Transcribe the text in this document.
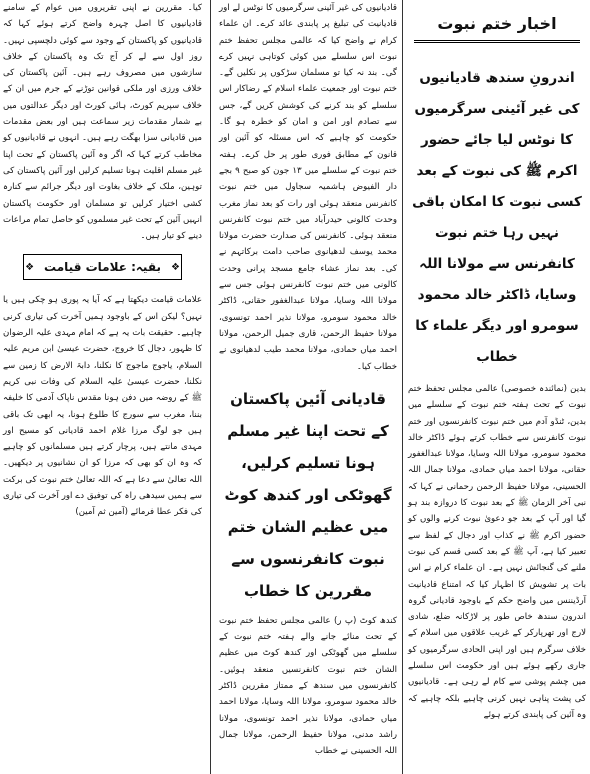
اخبار ختم نبوت
اندرونِ سندھ قادیانیوں کی غیر آئینی سرگرمیوں کا نوٹس لیا جائے حضور اکرم ﷺ کی نبوت کے بعد کسی نبوت کا امکان باقی نہیں رہا ختم نبوت کانفرنس سے مولانا اللہ وسایا، ڈاکٹر خالد محمود سومرو اور دیگر علماء کا خطاب

بدین (نمائندہ خصوصی) عالمی مجلس تحفظ ختم نبوت کے تحت ہفتہ ختم نبوت کے سلسلے میں بدین، ٹنڈو آدم میں ختم نبوت کانفرنسوں اور ختم نبوت کانفرنس سے خطاب کرتے ہوئے ڈاکٹر خالد محمود سومرو، مولانا اللہ وسایا، مولانا عبدالغفور حقانی، مولانا احمد میاں حمادی، مولانا جمال اللہ الحسینی، مولانا حفیظ الرحمن رحمانی نے کہا کہ نبی آخر الزمان ﷺ کے بعد نبوت کا دروازہ بند ہو گیا اور آپ کے بعد جو دعویٰ نبوت کرنے والوں کو حضور اکرم ﷺ نے کذاب اور دجال کے لفظ سے تعبیر کیا ہے، آپ ﷺ کے بعد کسی قسم کی نبوت ملنے کی گنجائش نہیں ہے۔ ان علماء کرام نے اس بات پر تشویش کا اظہار کیا کہ امتناع قادیانیت آرڈیننس میں واضح حکم کے باوجود قادیانی گروہ اندرون سندھ خاص طور پر لاڑکانہ ضلع، شادی لارج اور تھرپارکر کے غریب علاقوں میں اسلام کے خلاف سرگرم ہیں اور اپنی الحادی سرگرمیوں کو جاری رکھے ہوئے ہیں اور حکومت اس سلسلے میں چشم پوشی سے کام لے رہی ہے۔ قادیانیوں کی پشت پناہی نہیں کرنی چاہیے بلکہ چاہیے کہ وہ آئین کی پابندی کرتے ہوئے

قادیانیوں کی غیر آئینی سرگرمیوں کا نوٹس لے اور قادیانیت کی تبلیغ پر پابندی عائد کرے۔ ان علماء کرام نے واضح کیا کہ عالمی مجلس تحفظ ختم نبوت اس سلسلے میں کوئی کوتاہی نہیں کرے گی۔ بند نہ کیا تو مسلمان سڑکوں پر نکلیں گے۔ ختم نبوت اور جمعیت علماء اسلام کے رضاکار اس سلسلے کو بند کرنے کی کوشش کریں گے، جس سے تصادم اور امن و امان کو خطرہ ہو گا۔ حکومت کو چاہیے کہ اس مسئلہ کو آئین اور قانون کے مطابق فوری طور پر حل کرے۔ ہفتہ ختم نبوت کے سلسلے میں ۱۳ جون کو صبح ۹ بجے دار الفیوض ہاشمیہ سجاول میں ختم نبوت کانفرنس منعقد ہوئی اور رات کو بعد نماز مغرب وحدت کالونی حیدرآباد میں ختم نبوت کانفرنس منعقد ہوئی۔ کانفرنس کی صدارت حضرت مولانا محمد یوسف لدھیانوی صاحب دامت برکاتہم نے کی۔ بعد نماز عشاء جامع مسجد پرانی وحدت کالونی میں ختم نبوت کانفرنس ہوئی جس سے مولانا اللہ وسایا، مولانا عبدالغفور حقانی، ڈاکٹر خالد محمود سومرو، مولانا نذیر احمد تونسوی، مولانا حفیظ الرحمن، قاری جمیل الرحمن، مولانا احمد میاں حمادی، مولانا محمد طیب لدھیانوی نے خطاب کیا۔

قادیانی آئین پاکستان کے تحت اپنا غیر مسلم ہونا تسلیم کرلیں، گھوٹکی اور کندھ کوٹ میں عظیم الشان ختم نبوت کانفرنسوں سے مقررین کا خطاب

کندھ کوٹ (پ ر) عالمی مجلس تحفظ ختم نبوت کے تحت منائے جانے والے ہفتہ ختم نبوت کے سلسلے میں گھوٹکی اور کندھ کوٹ میں عظیم الشان ختم نبوت کانفرنسیں منعقد ہوئیں۔ کانفرنسوں میں سندھ کے ممتاز مقررین ڈاکٹر خالد محمود سومرو، مولانا اللہ وسایا، مولانا احمد میاں حمادی، مولانا نذیر احمد تونسوی، مولانا راشد مدنی، مولانا حفیظ الرحمن، مولانا جمال اللہ الحسینی نے خطاب

کیا۔ مقررین نے اپنی تقریروں میں عوام کے سامنے قادیانیوں کا اصل چہرہ واضح کرتے ہوئے کہا کہ قادیانیوں کو پاکستان کے وجود سے کوئی دلچسپی نہیں۔ روز اول سے لے کر آج تک وہ پاکستان کے خلاف سازشوں میں مصروف رہے ہیں۔ آئین پاکستان کی خلاف ورزی اور ملکی قوانین توڑنے کے جرم میں ان کے خلاف سپریم کورٹ، ہائی کورٹ اور دیگر عدالتوں میں بے شمار مقدمات زیر سماعت ہیں اور بعض مقدمات میں قادیانی سزا بھگت رہے ہیں۔ انہوں نے قادیانیوں کو مخاطب کرتے کہا کہ اگر وہ آئین پاکستان کے تحت اپنا غیر مسلم اقلیت ہونا تسلیم کرلیں اور آئین پاکستان کی توہین، ملک کے خلاف بغاوت اور دیگر جرائم سے کنارہ کشی اختیار کرلیں تو مسلمان اور حکومت پاکستان انہیں آئین کے تحت غیر مسلموں کو حاصل تمام مراعات دینے کو تیار ہیں۔

❖
بقیہ: علامات قیامت
❖

علامات قیامت دیکھتا ہے کہ آیا یہ پوری ہو چکی ہیں یا نہیں؟ لیکن اس کے باوجود ہمیں آخرت کی تیاری کرنی چاہیے۔ حقیقت بات یہ ہے کہ امام مہدی علیہ الرضوان کا ظہور، دجال کا خروج، حضرت عیسیٰ ابن مریم علیہ السلام، یاجوج ماجوج کا نکلنا، دابۃ الارض کا زمین سے نکلنا، حضرت عیسیٰ علیہ السلام کی وفات نبی کریم ﷺ کے روضہ میں دفن ہونا مقدس ناپاک آدمی کا خلیفہ بننا، مغرب سے سورج کا طلوع ہونا، یہ ابھی تک باقی ہیں جو لوگ مرزا غلام احمد قادیانی کو مسیح اور مہدی مانتے ہیں، پرچار کرتے ہیں مسلمانوں کو چاہیے کہ وہ ان کو بھی کہ مرزا کو ان نشانیوں پر دیکھیں۔ اللہ تعالیٰ سے دعا ہے کہ اللہ تعالیٰ ختم نبوت کی برکت سے ہمیں سیدھی راہ کی توفیق دے اور آخرت کی تیاری کی فکر عطا فرمائے (آمین ثم آمین)
